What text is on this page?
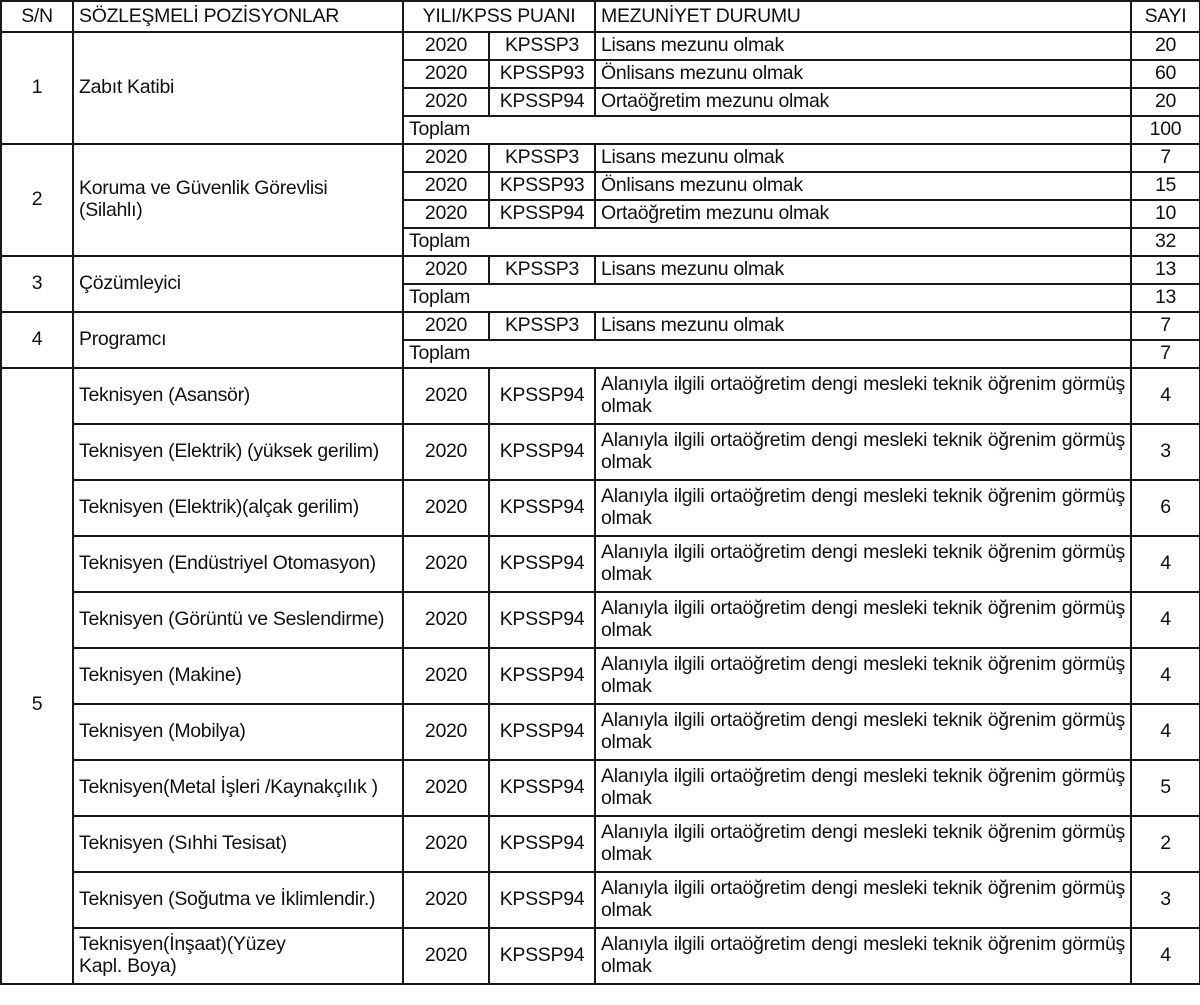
S/N	SÖZLEŞMELİ POZİSYONLAR	YILI/KPSS PUANI		MEZUNİYET DURUMU	SAYI
1	Zabıt Katibi	2020	KPSSP3	Lisans mezunu olmak	20
		2020	KPSSP93	Önlisans mezunu olmak	60
		2020	KPSSP94	Ortaöğretim mezunu olmak	20
		Toplam			100
2	Koruma ve Güvenlik Görevlisi (Silahlı)	2020	KPSSP3	Lisans mezunu olmak	7
		2020	KPSSP93	Önlisans mezunu olmak	15
		2020	KPSSP94	Ortaöğretim mezunu olmak	10
		Toplam			32
3	Çözümleyici	2020	KPSSP3	Lisans mezunu olmak	13
		Toplam			13
4	Programcı	2020	KPSSP3	Lisans mezunu olmak	7
		Toplam			7
5	Teknisyen (Asansör)	2020	KPSSP94	Alanıyla ilgili ortaöğretim dengi mesleki teknik öğrenim görmüş olmak	4
	Teknisyen (Elektrik) (yüksek gerilim)	2020	KPSSP94	Alanıyla ilgili ortaöğretim dengi mesleki teknik öğrenim görmüş olmak	3
	Teknisyen (Elektrik)(alçak gerilim)	2020	KPSSP94	Alanıyla ilgili ortaöğretim dengi mesleki teknik öğrenim görmüş olmak	6
	Teknisyen (Endüstriyel Otomasyon)	2020	KPSSP94	Alanıyla ilgili ortaöğretim dengi mesleki teknik öğrenim görmüş olmak	4
	Teknisyen (Görüntü ve Seslendirme)	2020	KPSSP94	Alanıyla ilgili ortaöğretim dengi mesleki teknik öğrenim görmüş olmak	4
	Teknisyen (Makine)	2020	KPSSP94	Alanıyla ilgili ortaöğretim dengi mesleki teknik öğrenim görmüş olmak	4
	Teknisyen (Mobilya)	2020	KPSSP94	Alanıyla ilgili ortaöğretim dengi mesleki teknik öğrenim görmüş olmak	4
	Teknisyen(Metal İşleri /Kaynakçılık )	2020	KPSSP94	Alanıyla ilgili ortaöğretim dengi mesleki teknik öğrenim görmüş olmak	5
	Teknisyen (Sıhhi Tesisat)	2020	KPSSP94	Alanıyla ilgili ortaöğretim dengi mesleki teknik öğrenim görmüş olmak	2
	Teknisyen (Soğutma ve İklimlendir.)	2020	KPSSP94	Alanıyla ilgili ortaöğretim dengi mesleki teknik öğrenim görmüş olmak	3
	Teknisyen(İnşaat)(Yüzey Kapl. Boya)	2020	KPSSP94	Alanıyla ilgili ortaöğretim dengi mesleki teknik öğrenim görmüş olmak	4
